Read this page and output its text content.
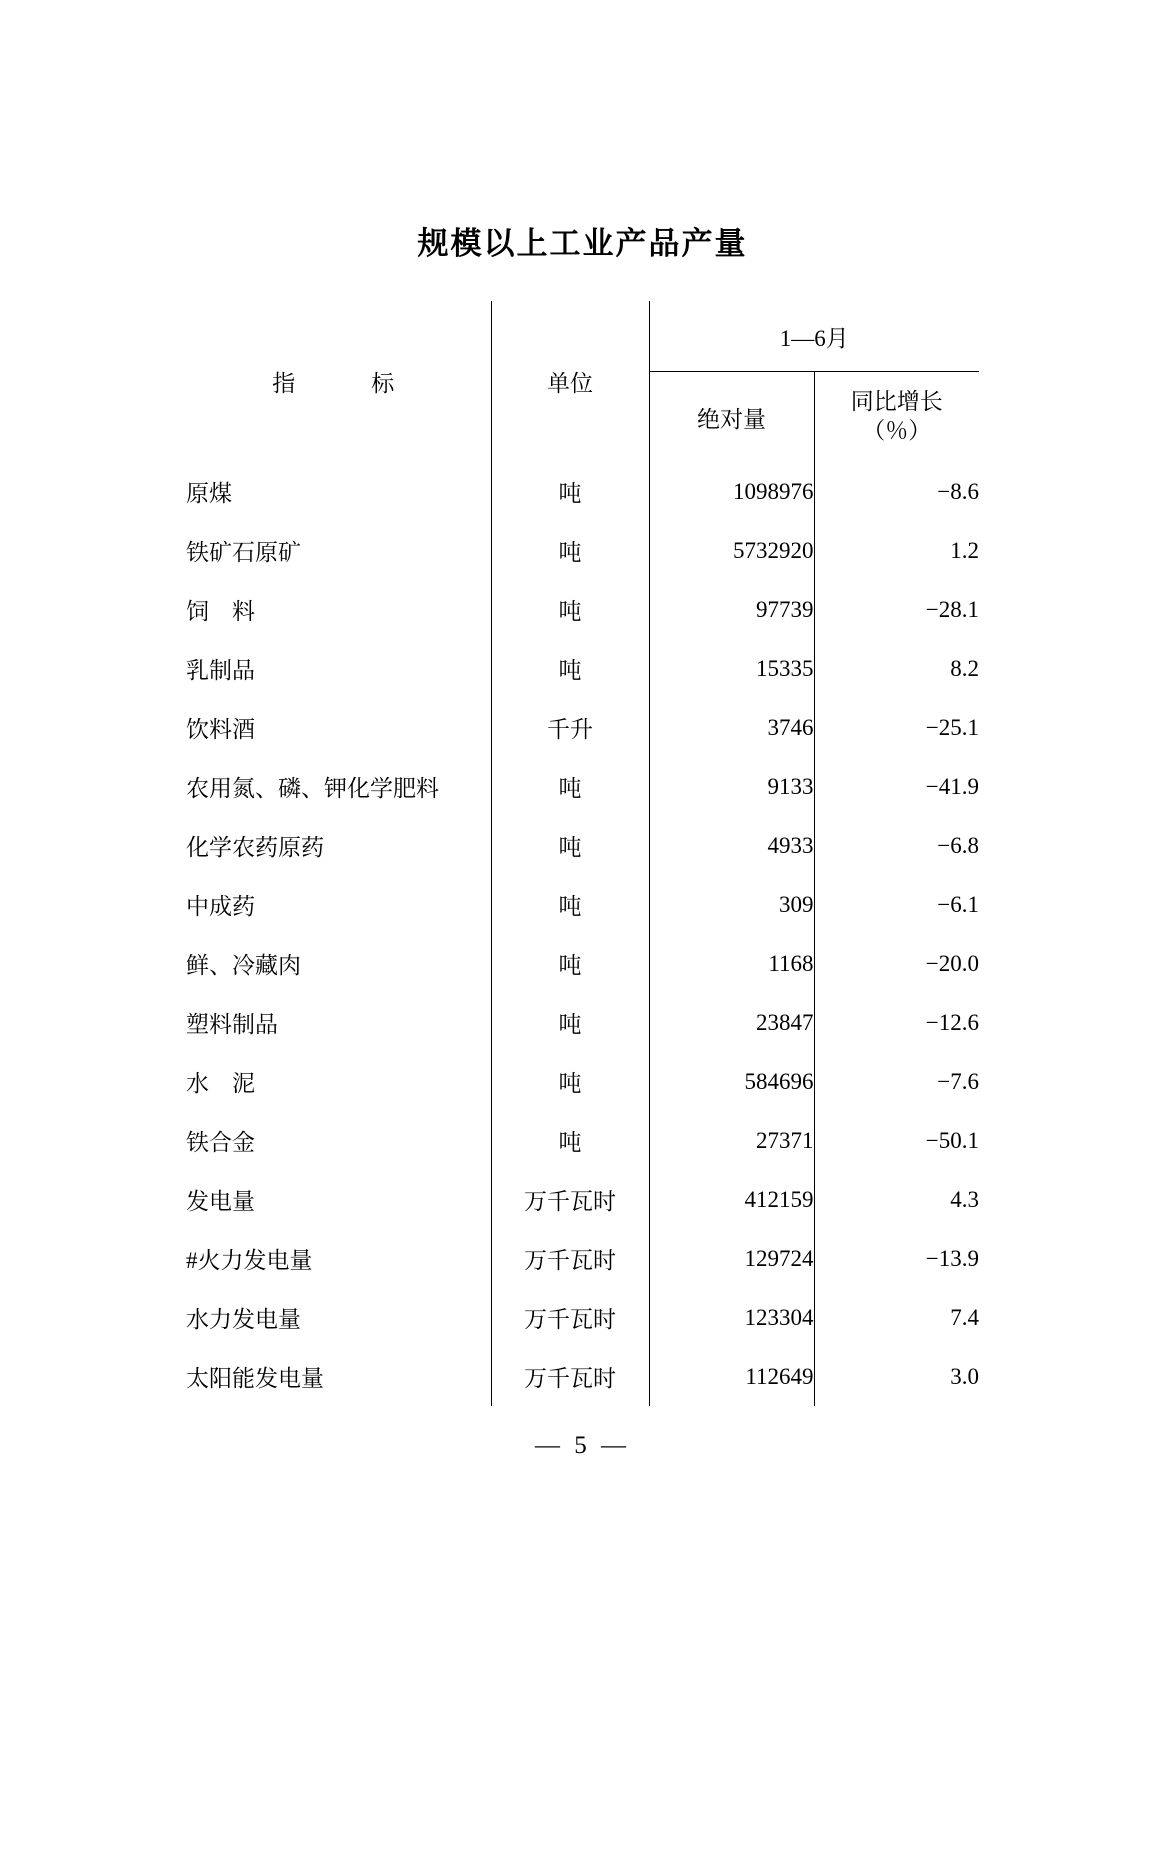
规模以上工业产品产量
指　　标	单位	1—6月	
		绝对量	同比增长
（％）

原煤	吨	1098976	−8.6
铁矿石原矿	吨	5732920	1.2
饲　料	吨	97739	−28.1
乳制品	吨	15335	8.2
饮料酒	千升	3746	−25.1
农用氮、磷、钾化学肥料	吨	9133	−41.9
化学农药原药	吨	4933	−6.8
中成药	吨	309	−6.1
鲜、冷藏肉	吨	1168	−20.0
塑料制品	吨	23847	−12.6
水　泥	吨	584696	−7.6
铁合金	吨	27371	−50.1
发电量	万千瓦时	412159	4.3
#火力发电量	万千瓦时	129724	−13.9
水力发电量	万千瓦时	123304	7.4
太阳能发电量	万千瓦时	112649	3.0
— 5 —
